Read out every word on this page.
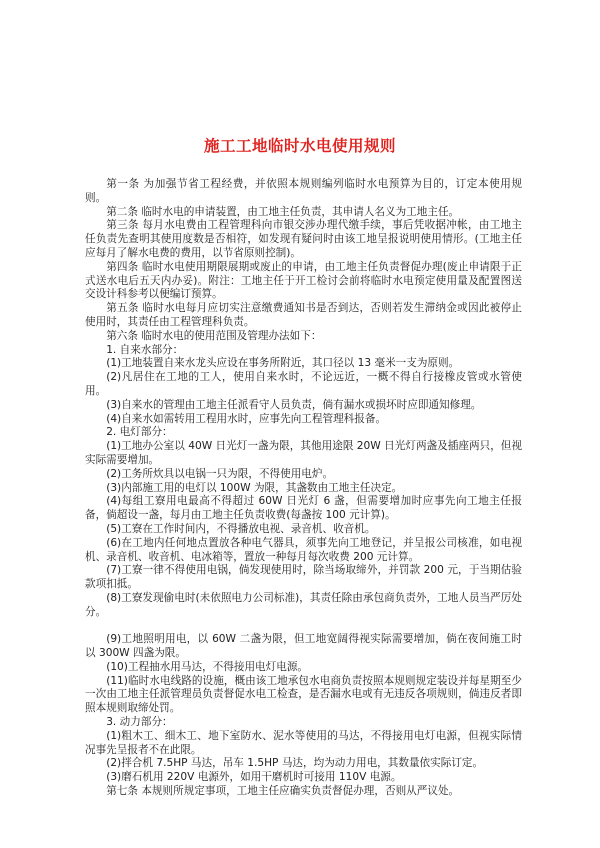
施工工地临时水电使用规则

第一条 为加强节省工程经费，并依照本规则编列临时水电预算为目的，订定本使用规则。

第二条 临时水电的申请装置，由工地主任负责，其申请人名义为工地主任。

第三条 每月水电费由工程管理科向市银交涉办理代缴手续，事后凭收据冲帐，由工地主任负责先查明其使用度数是否相符，如发现有疑问时由该工地呈报说明使用情形。(工地主任应每月了解水电费的费用，以节省原则控制)。

第四条 临时水电使用期限展期或废止的申请，由工地主任负责督促办理(废止申请限于正式送水电后五天内办妥)。附注：工地主任于开工检讨会前将临时水电预定使用量及配置图送交设计科参考以便编订预算。

第五条 临时水电每月应切实注意缴费通知书是否到达，否则若发生滞纳金或因此被停止使用时，其责任由工程管理科负责。

第六条 临时水电的使用范围及管理办法如下：

1. 自来水部分：

(1)工地装置自来水龙头应设在事务所附近，其口径以 13 毫米一支为原则。

(2)凡居住在工地的工人，使用自来水时，不论远近，一概不得自行接橡皮管或水管使用。

(3)自来水的管理由工地主任派看守人员负责，倘有漏水或损坏时应即通知修理。

(4)自来水如需转用工程用水时，应事先向工程管理科报备。

2. 电灯部分：

(1)工地办公室以 40W 日光灯一盏为限，其他用途限 20W 日光灯两盏及插座两只，但视实际需要增加。

(2)工务所炊具以电锅一只为限，不得使用电炉。

(3)内部施工用的电灯以 100W 为限，其盏数由工地主任决定。

(4)每组工寮用电最高不得超过 60W 日光灯 6 盏，但需要增加时应事先向工地主任报备，倘超设一盏，每月由工地主任负责收费(每盏按 100 元计算)。

(5)工寮在工作时间内，不得播放电视、录音机、收音机。

(6)在工地内任何地点置放各种电气器具，须事先向工地登记，并呈报公司核准，如电视机、录音机、收音机、电冰箱等，置放一种每月每次收费 200 元计算。

(7)工寮一律不得使用电锅，倘发现使用时，除当场取缔外，并罚款 200 元，于当期估验款项扣抵。

(8)工寮发现偷电时(未依照电力公司标准)，其责任除由承包商负责外，工地人员当严厉处分。

(9)工地照明用电，以 60W 二盏为限，但工地宽阔得视实际需要增加，倘在夜间施工时以 300W 四盏为限。

(10)工程抽水用马达，不得接用电灯电源。

(11)临时水电线路的设施，概由该工地承包水电商负责按照本规则规定装设并每星期至少一次由工地主任派管理员负责督促水电工检查，是否漏水电或有无违反各项规则，倘违反者即照本规则取缔处罚。

3. 动力部分：

(1)粗木工、细木工、地下室防水、泥水等使用的马达，不得接用电灯电源，但视实际情况事先呈报者不在此限。

(2)拌合机 7.5HP 马达，吊车 1.5HP 马达，均为动力用电，其数量依实际订定。

(3)磨石机用 220V 电源外，如用干磨机时可接用 110V 电源。

第七条 本规则所规定事项，工地主任应确实负责督促办理，否则从严议处。
